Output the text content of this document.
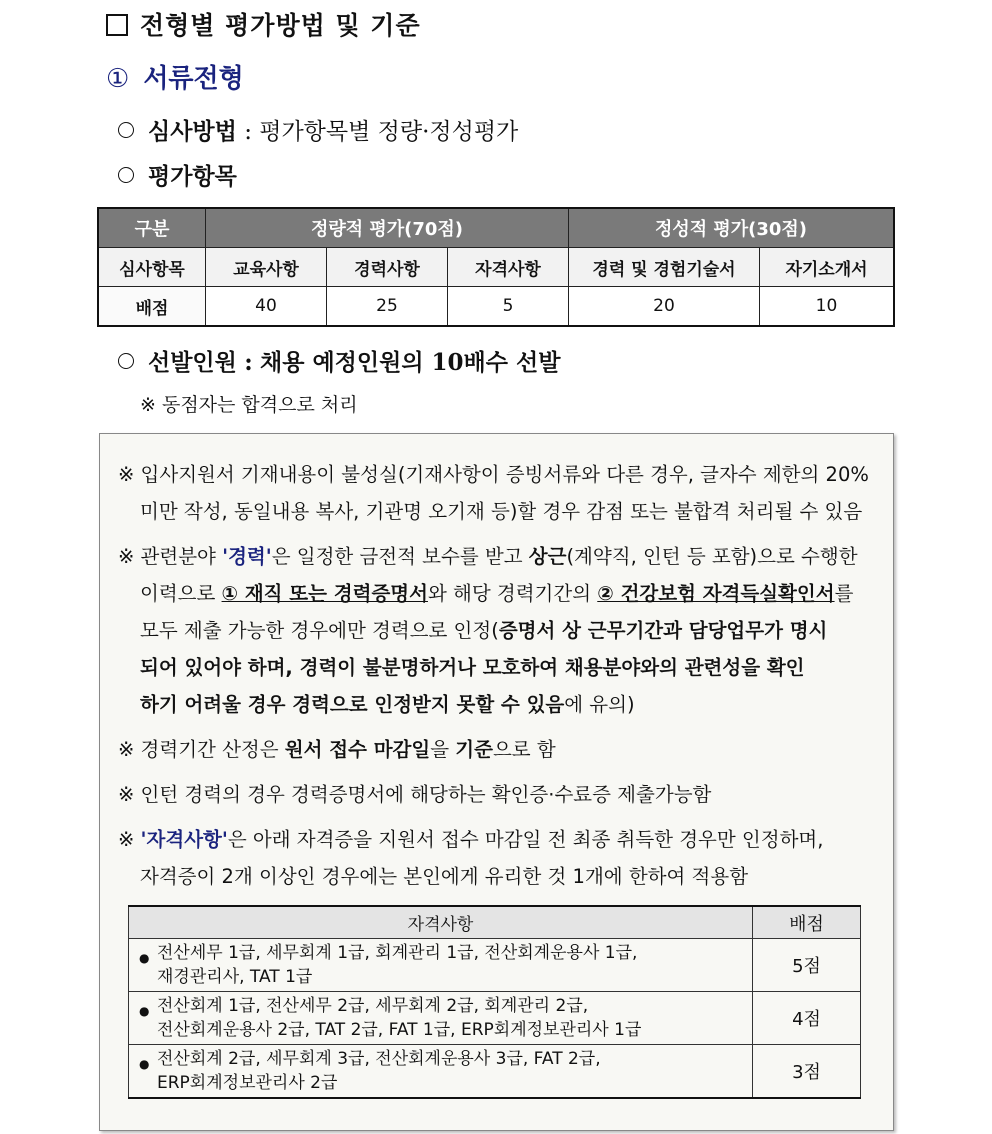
전형별 평가방법 및 기준
① 서류전형
심사방법 : 평가항목별 정량·정성평가
평가항목
구분	정량적 평가(70점)			정성적 평가(30점)	
심사항목	교육사항	경력사항	자격사항	경력 및 경험기술서	자기소개서
배점	40	25	5	20	10
선발인원 : 채용 예정인원의 10배수 선발
※ 동점자는 합격으로 처리
※ 입사지원서 기재내용이 불성실(기재사항이 증빙서류와 다른 경우, 글자수 제한의 20%
미만 작성, 동일내용 복사, 기관명 오기재 등)할 경우 감점 또는 불합격 처리될 수 있음
※ 관련분야 '경력'은 일정한 금전적 보수를 받고 상근(계약직, 인턴 등 포함)으로 수행한
이력으로 ① 재직 또는 경력증명서와 해당 경력기간의 ② 건강보험 자격득실확인서를
모두 제출 가능한 경우에만 경력으로 인정(증명서 상 근무기간과 담당업무가 명시
되어 있어야 하며, 경력이 불분명하거나 모호하여 채용분야와의 관련성을 확인
하기 어려울 경우 경력으로 인정받지 못할 수 있음에 유의)
※ 경력기간 산정은 원서 접수 마감일을 기준으로 함
※ 인턴 경력의 경우 경력증명서에 해당하는 확인증·수료증 제출가능함
※ '자격사항'은 아래 자격증을 지원서 접수 마감일 전 최종 취득한 경우만 인정하며,
자격증이 2개 이상인 경우에는 본인에게 유리한 것 1개에 한하여 적용함
자격사항	배점

● 전산세무 1급, 세무회계 1급, 회계관리 1급, 전산회계운용사 1급,
재경관리사, TAT 1급	5점

● 전산회계 1급, 전산세무 2급, 세무회계 2급, 회계관리 2급,
전산회계운용사 2급, TAT 2급, FAT 1급, ERP회계정보관리사 1급	4점

● 전산회계 2급, 세무회계 3급, 전산회계운용사 3급, FAT 2급,
ERP회계정보관리사 2급	3점
